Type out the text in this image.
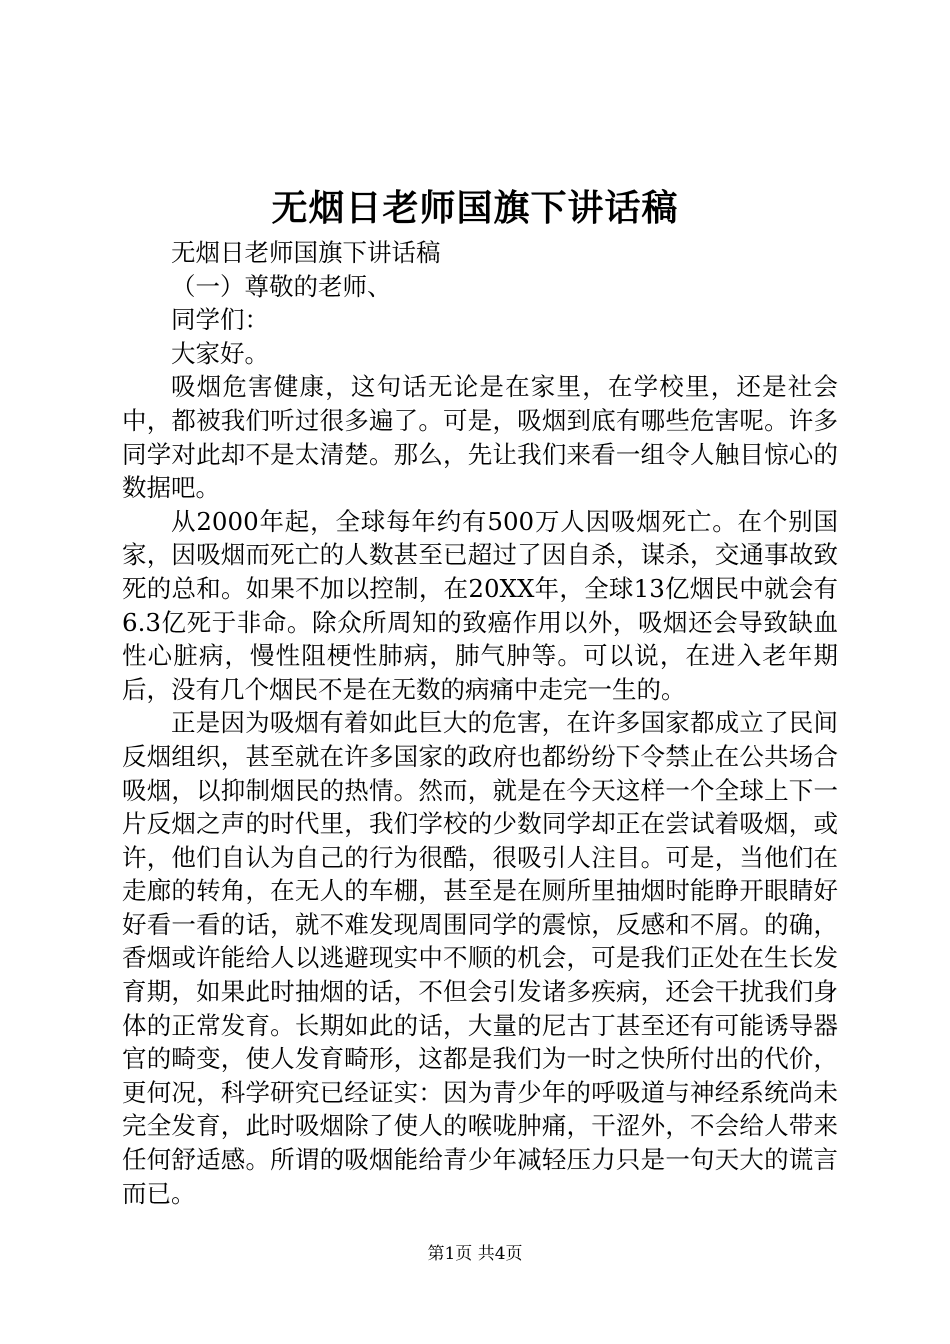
无烟日老师国旗下讲话稿

无烟日老师国旗下讲话稿

（一）尊敬的老师、

同学们：

大家好。

吸烟危害健康，这句话无论是在家里，在学校里，还是社会中，都被我们听过很多遍了。可是，吸烟到底有哪些危害呢。许多同学对此却不是太清楚。那么，先让我们来看一组令人触目惊心的数据吧。

从2000年起，全球每年约有500万人因吸烟死亡。在个别国家，因吸烟而死亡的人数甚至已超过了因自杀，谋杀，交通事故致死的总和。如果不加以控制，在20XX年，全球13亿烟民中就会有6.3亿死于非命。除众所周知的致癌作用以外，吸烟还会导致缺血性心脏病，慢性阻梗性肺病，肺气肿等。可以说，在进入老年期后，没有几个烟民不是在无数的病痛中走完一生的。

正是因为吸烟有着如此巨大的危害，在许多国家都成立了民间反烟组织，甚至就在许多国家的政府也都纷纷下令禁止在公共场合吸烟，以抑制烟民的热情。然而，就是在今天这样一个全球上下一片反烟之声的时代里，我们学校的少数同学却正在尝试着吸烟，或许，他们自认为自己的行为很酷，很吸引人注目。可是，当他们在走廊的转角，在无人的车棚，甚至是在厕所里抽烟时能睁开眼睛好好看一看的话，就不难发现周围同学的震惊，反感和不屑。的确，香烟或许能给人以逃避现实中不顺的机会，可是我们正处在生长发育期，如果此时抽烟的话，不但会引发诸多疾病，还会干扰我们身体的正常发育。长期如此的话，大量的尼古丁甚至还有可能诱导器官的畸变，使人发育畸形，这都是我们为一时之快所付出的代价，更何况，科学研究已经证实：因为青少年的呼吸道与神经系统尚未完全发育，此时吸烟除了使人的喉咙肿痛，干涩外，不会给人带来任何舒适感。所谓的吸烟能给青少年减轻压力只是一句天大的谎言而已。

第1页 共4页
